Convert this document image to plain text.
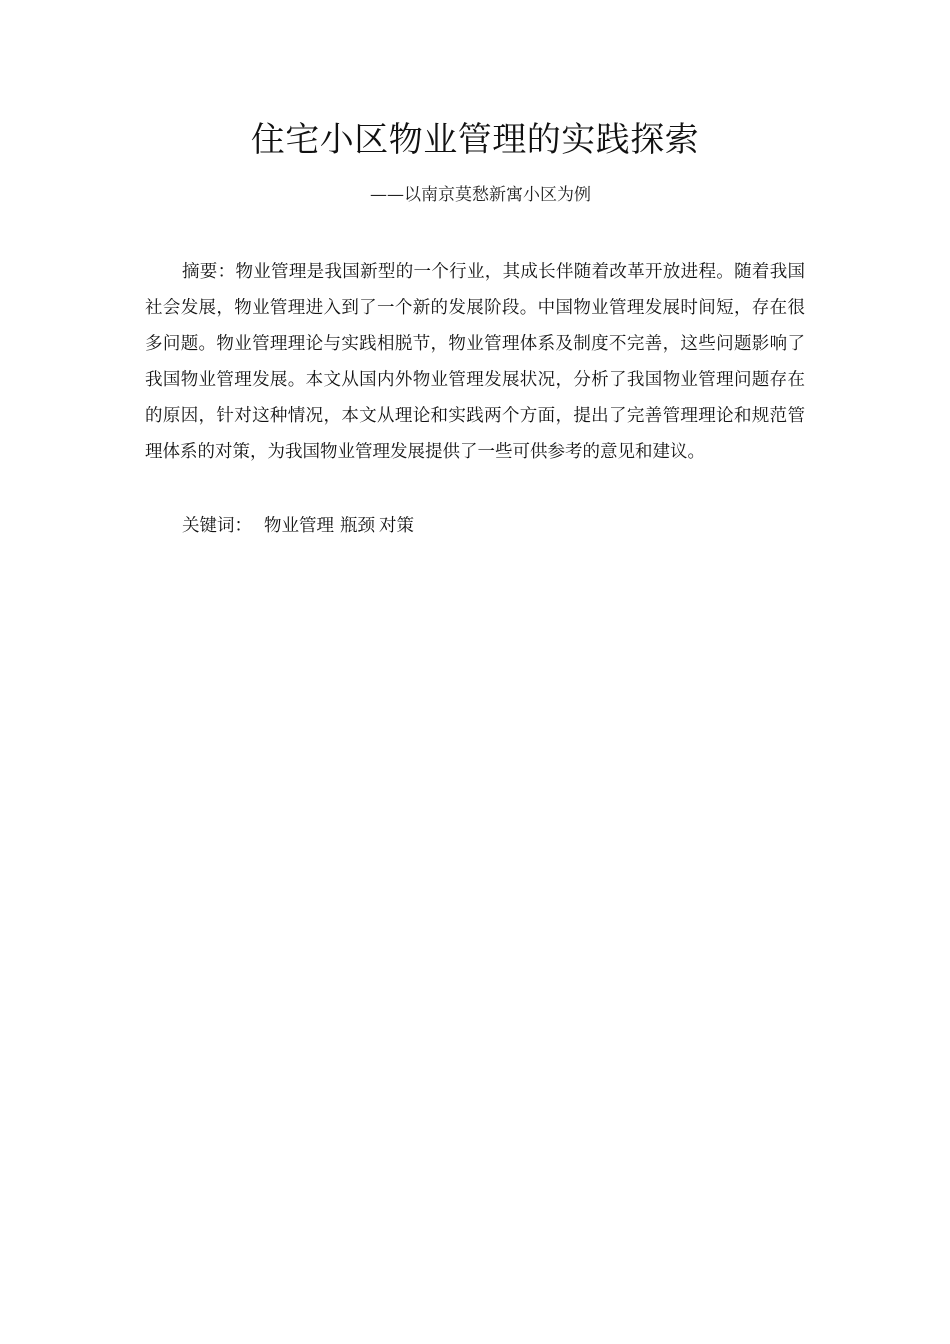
住宅小区物业管理的实践探索
——以南京莫愁新寓小区为例

摘要：物业管理是我国新型的一个行业，其成长伴随着改革开放进程。随着我国社会发展，物业管理进入到了一个新的发展阶段。中国物业管理发展时间短，存在很多问题。物业管理理论与实践相脱节，物业管理体系及制度不完善，这些问题影响了我国物业管理发展。本文从国内外物业管理发展状况，分析了我国物业管理问题存在的原因，针对这种情况，本文从理论和实践两个方面，提出了完善管理理论和规范管理体系的对策，为我国物业管理发展提供了一些可供参考的意见和建议。

关键词： 物业管理 瓶颈 对策
